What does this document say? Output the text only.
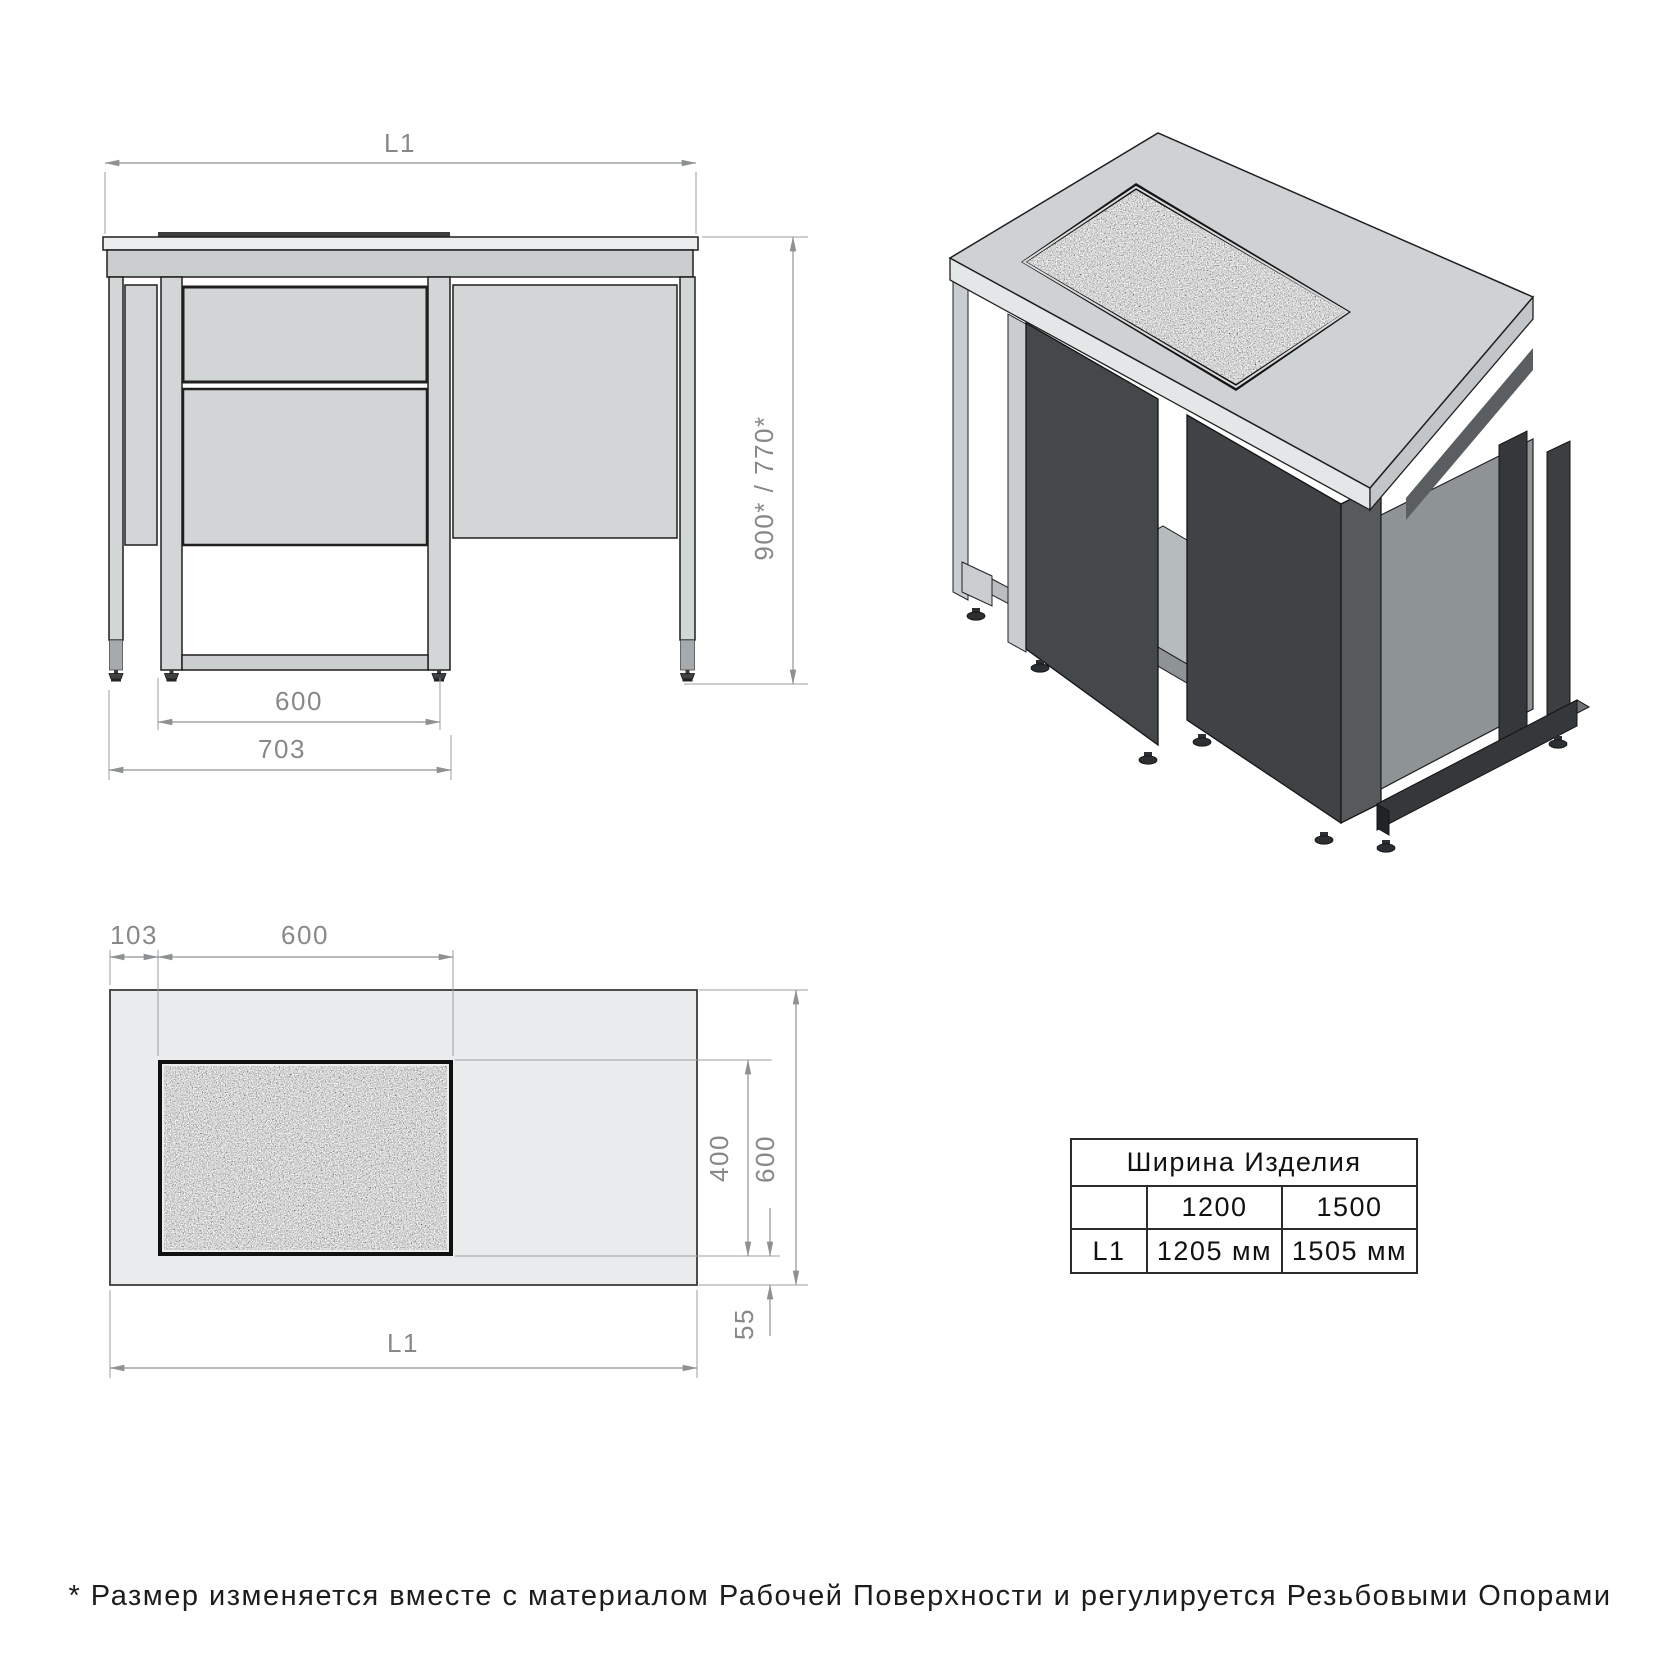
L1
900* / 770*
600
703
103	600
400 600
55
L1
Ширина Изделия		
	1200	1500
L1	1205 мм	1505 мм
* Размер изменяется вместе с материалом Рабочей Поверхности и регулируется Резьбовыми Опорами
